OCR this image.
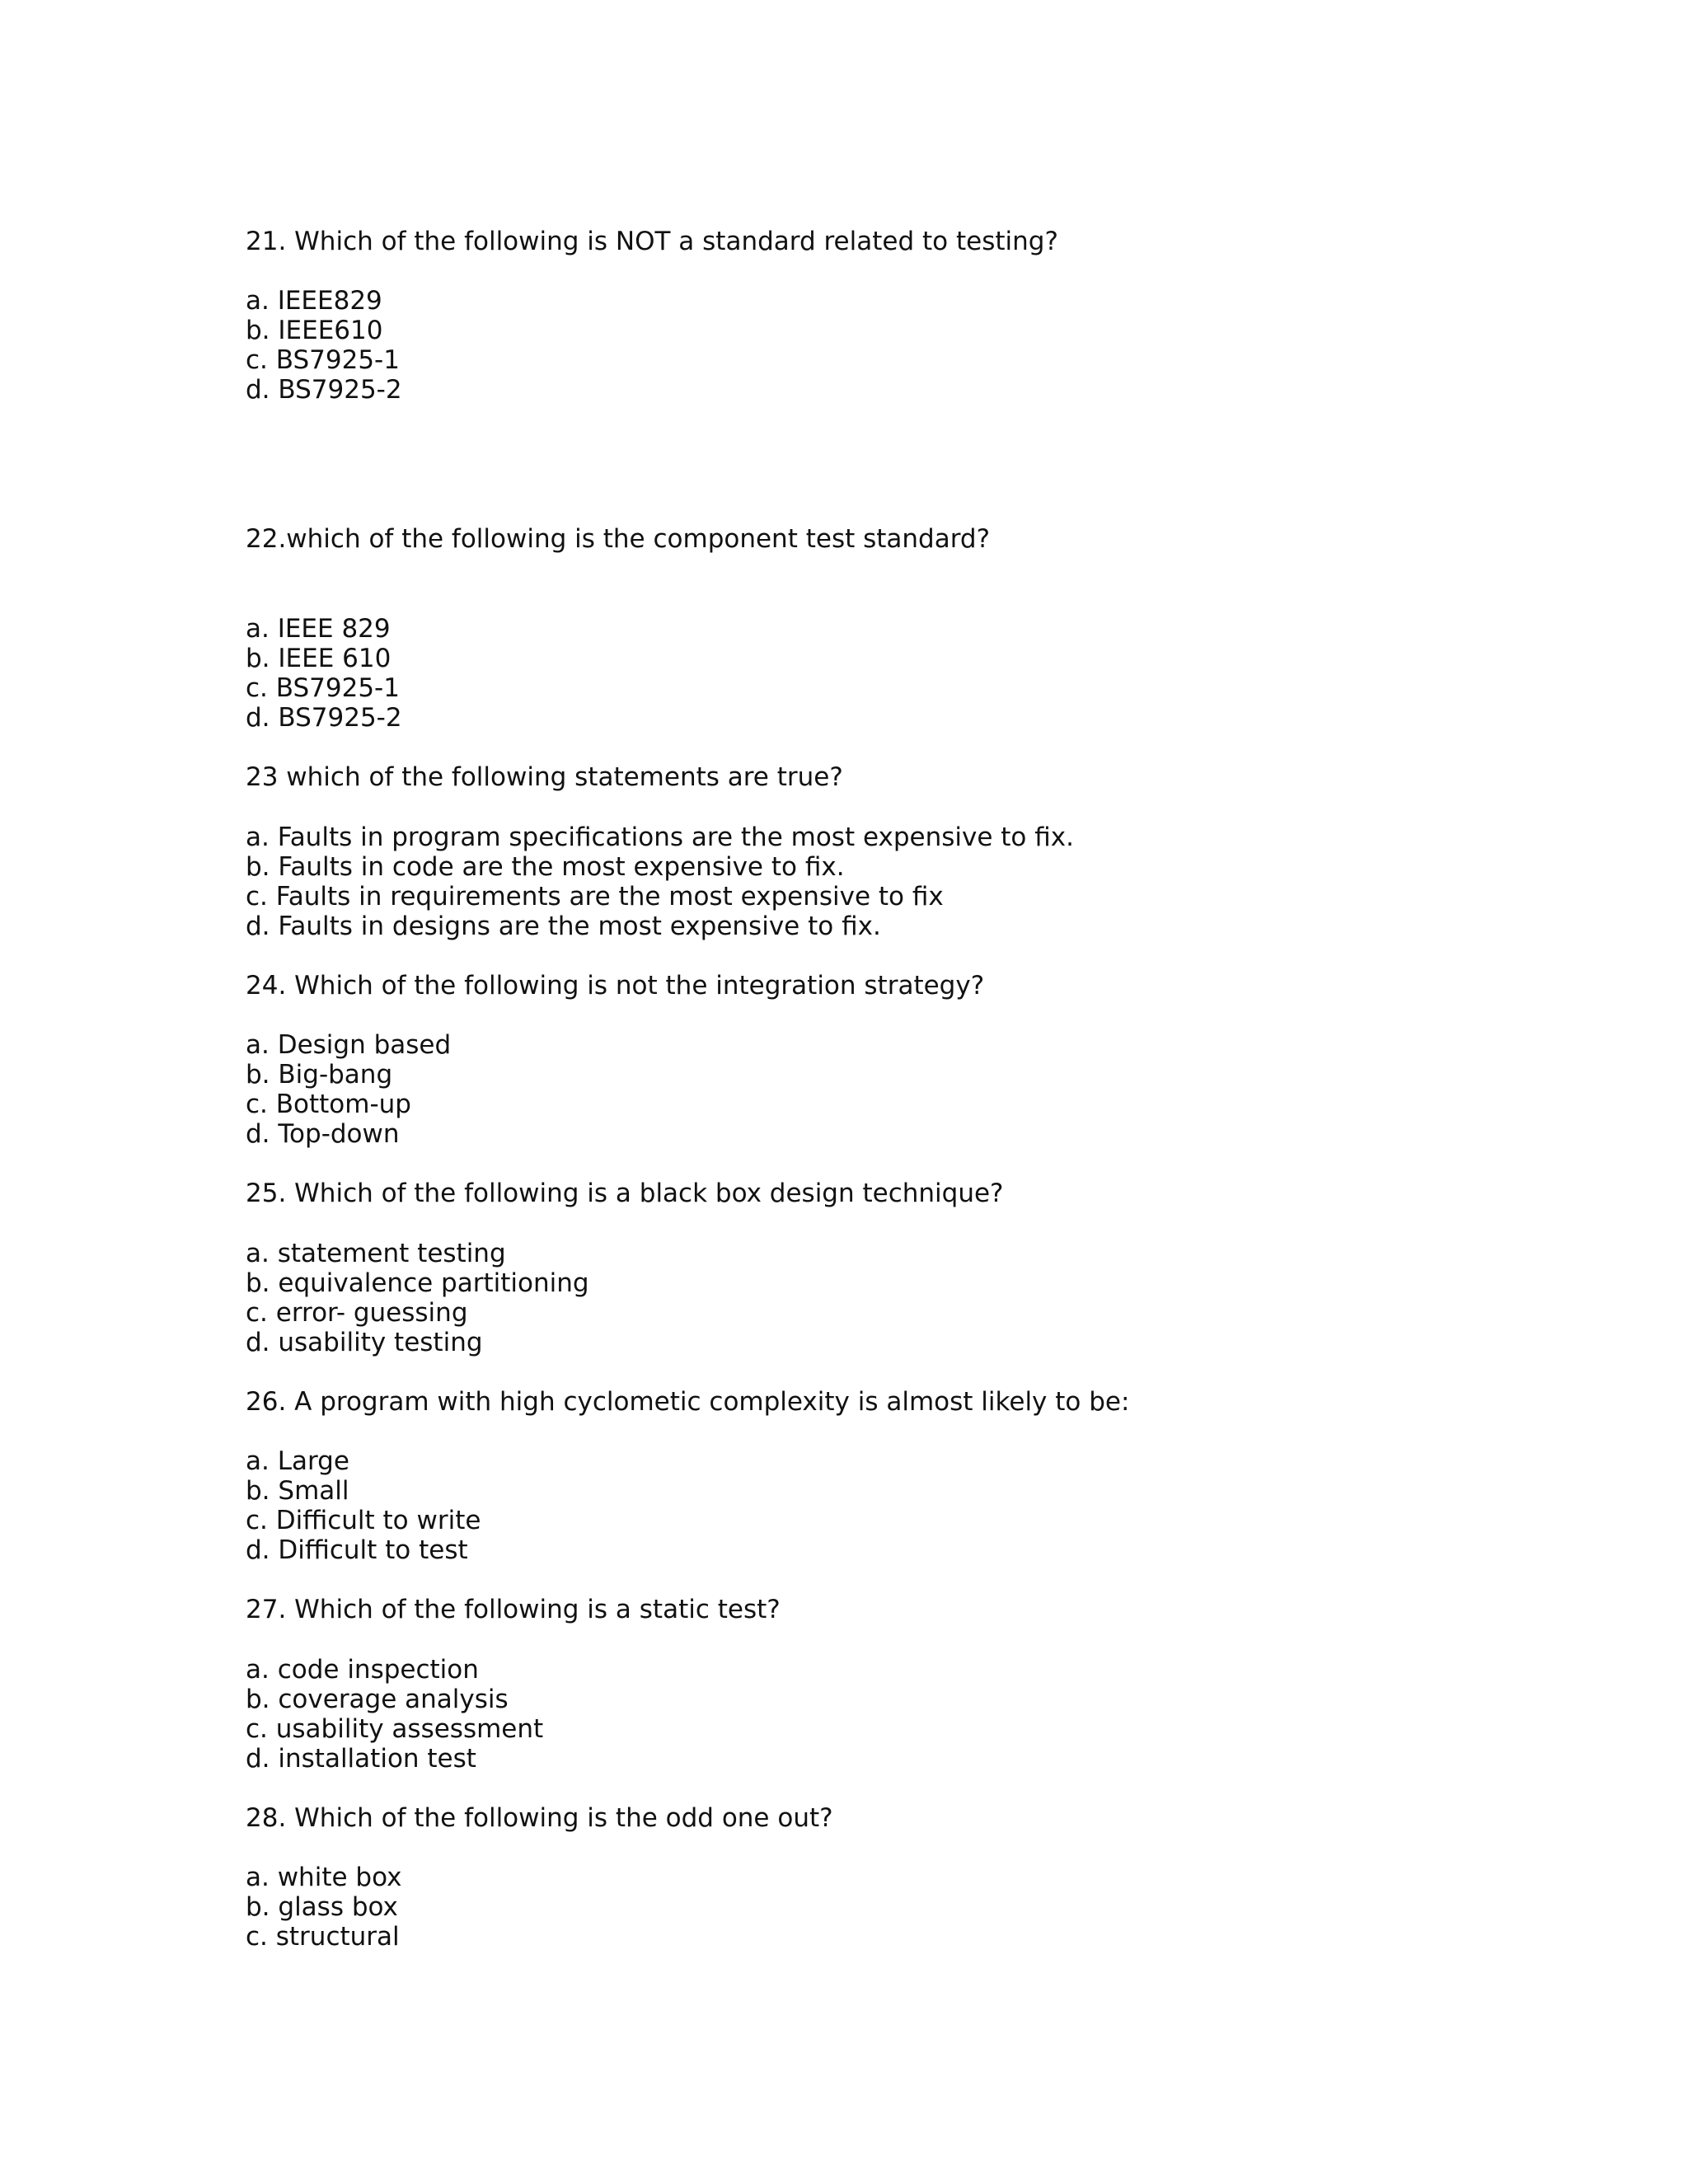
21. Which of the following is NOT a standard related to testing?
a. IEEE829
b. IEEE610
c. BS7925-1
d. BS7925-2
22.which of the following is the component test standard?
a. IEEE 829
b. IEEE 610
c. BS7925-1
d. BS7925-2
23 which of the following statements are true?
a. Faults in program specifications are the most expensive to fix.
b. Faults in code are the most expensive to fix.
c. Faults in requirements are the most expensive to fix
d. Faults in designs are the most expensive to fix.
24. Which of the following is not the integration strategy?
a. Design based
b. Big-bang
c. Bottom-up
d. Top-down
25. Which of the following is a black box design technique?
a. statement testing
b. equivalence partitioning
c. error- guessing
d. usability testing
26. A program with high cyclometic complexity is almost likely to be:
a. Large
b. Small
c. Difficult to write
d. Difficult to test
27. Which of the following is a static test?
a. code inspection
b. coverage analysis
c. usability assessment
d. installation test
28. Which of the following is the odd one out?
a. white box
b. glass box
c. structural
